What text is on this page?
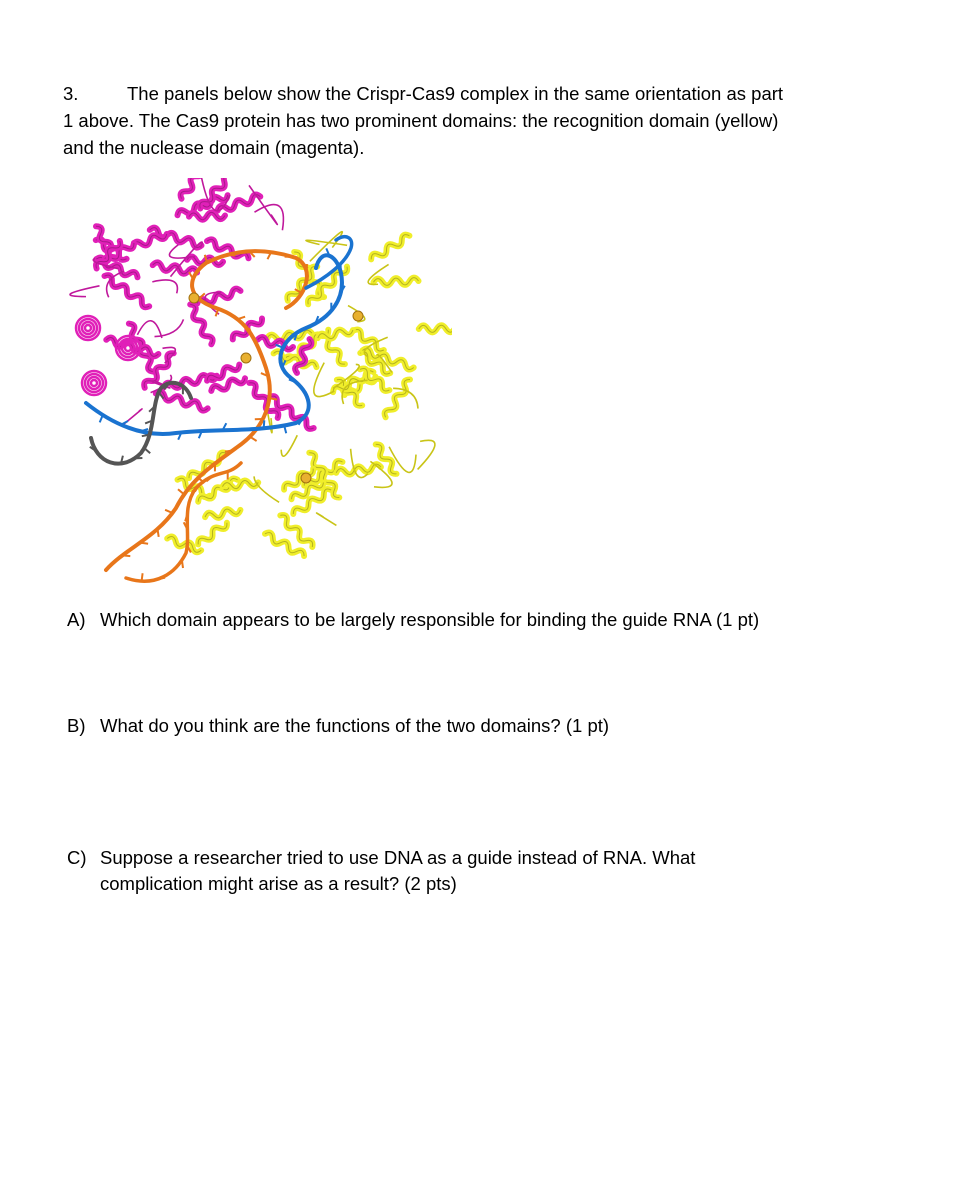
3.	The panels below show the Crispr-Cas9 complex in the same orientation as part
1 above. The Cas9 protein has two prominent domains: the recognition domain (yellow)
and the nuclease domain (magenta).
A) Which domain appears to be largely responsible for binding the guide RNA (1 pt)
B) What do you think are the functions of the two domains? (1 pt)
C) Suppose a researcher tried to use DNA as a guide instead of RNA. What
complication might arise as a result? (2 pts)
